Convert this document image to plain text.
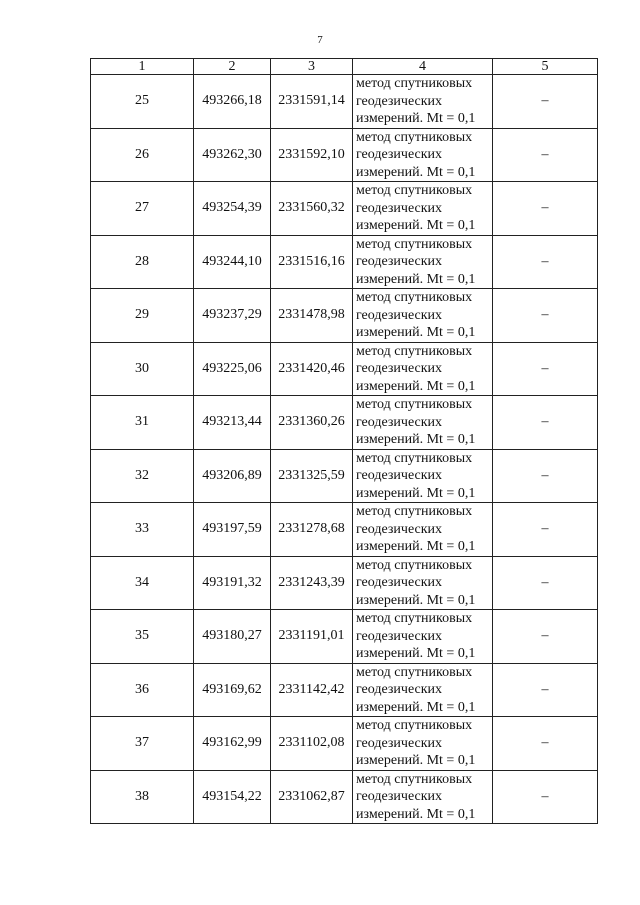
7
1	2	3	4	5
25	493266,18	2331591,14	метод спутниковых
геодезических
измерений. Mt = 0,1	–
26	493262,30	2331592,10	метод спутниковых
геодезических
измерений. Mt = 0,1	–
27	493254,39	2331560,32	метод спутниковых
геодезических
измерений. Mt = 0,1	–
28	493244,10	2331516,16	метод спутниковых
геодезических
измерений. Mt = 0,1	–
29	493237,29	2331478,98	метод спутниковых
геодезических
измерений. Mt = 0,1	–
30	493225,06	2331420,46	метод спутниковых
геодезических
измерений. Mt = 0,1	–
31	493213,44	2331360,26	метод спутниковых
геодезических
измерений. Mt = 0,1	–
32	493206,89	2331325,59	метод спутниковых
геодезических
измерений. Mt = 0,1	–
33	493197,59	2331278,68	метод спутниковых
геодезических
измерений. Mt = 0,1	–
34	493191,32	2331243,39	метод спутниковых
геодезических
измерений. Mt = 0,1	–
35	493180,27	2331191,01	метод спутниковых
геодезических
измерений. Mt = 0,1	–
36	493169,62	2331142,42	метод спутниковых
геодезических
измерений. Mt = 0,1	–
37	493162,99	2331102,08	метод спутниковых
геодезических
измерений. Mt = 0,1	–
38	493154,22	2331062,87	метод спутниковых
геодезических
измерений. Mt = 0,1	–
